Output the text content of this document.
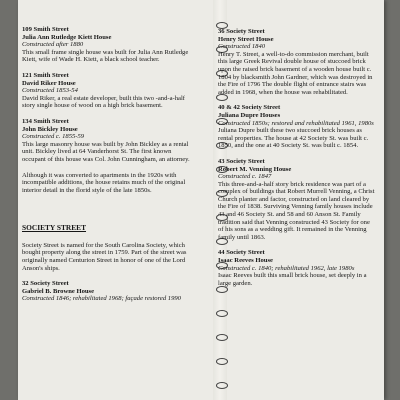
109 Smith Street
Julia Ann Rutledge Kiett House
Constructed after 1880
This small frame single house was built for Julia Ann Rutledge Kiett, wife of Wade H. Kiett, a black school teacher.
121 Smith Street
David Riker House
Constructed 1853-54
David Riker, a real estate developer, built this two -and-a-half story single house of wood on a high brick basement.
134 Smith Street
John Bickley House
Constructed c. 1855-59
This large masonry house was built by John Bickley as a rental unit. Bickley lived at 64 Vanderhorst St. The first known occupant of this house was Col. John Cunningham, an attorney.
Although it was converted to apartments in the 1920s with incompatible additions, the house retains much of the original interior detail in the florid style of the late 1850s.
SOCIETY STREET
Society Street is named for the South Carolina Society, which bought property along the street in 1759. Part of the street was originally named Centurion Street in honor of one of the Lord Anson's ships.
32 Society Street
Gabriel B. Browne House
Constructed 1846; rehabilitated 1968; façade restored 1990
36 Society Street
Henry Street House
Constructed 1840
Henry T. Street, a well-to-do commission merchant, built this large Greek Revival double house of stuccoed brick upon the raised brick basement of a wooden house built c. 1804 by blacksmith John Gardner, which was destroyed in the Fire of 1796 The double flight of entrance stairs was added in 1968, when the house was rehabilitated.
40 & 42 Society Street
Juliana Dupre Houses
Constructed 1850s; restored and rehabilitated 1961, 1980s
Juliana Dupre built these two stuccoed brick houses as rental properties. The house at 42 Society St. was built c. 1850, and the one at 40 Society St. was built c. 1854.
43 Society Street
Robert M. Venning House
Constructed c. 1847
This three-and-a-half story brick residence was part of a complex of buildings that Robert Murrell Venning, a Christ Church planter and factor, constructed on land cleared by the Fire of 1838. Surviving Venning family houses include 43 and 46 Society St. and 58 and 60 Anson St. Family tradition said that Venning constructed 43 Society for one of his sons as a wedding gift. It remained in the Venning family until 1863.
44 Society Street
Isaac Reeves House
Constructed c. 1840; rehabilitated 1962, late 1980s
Isaac Reeves built this small brick house, set deeply in a large garden.
